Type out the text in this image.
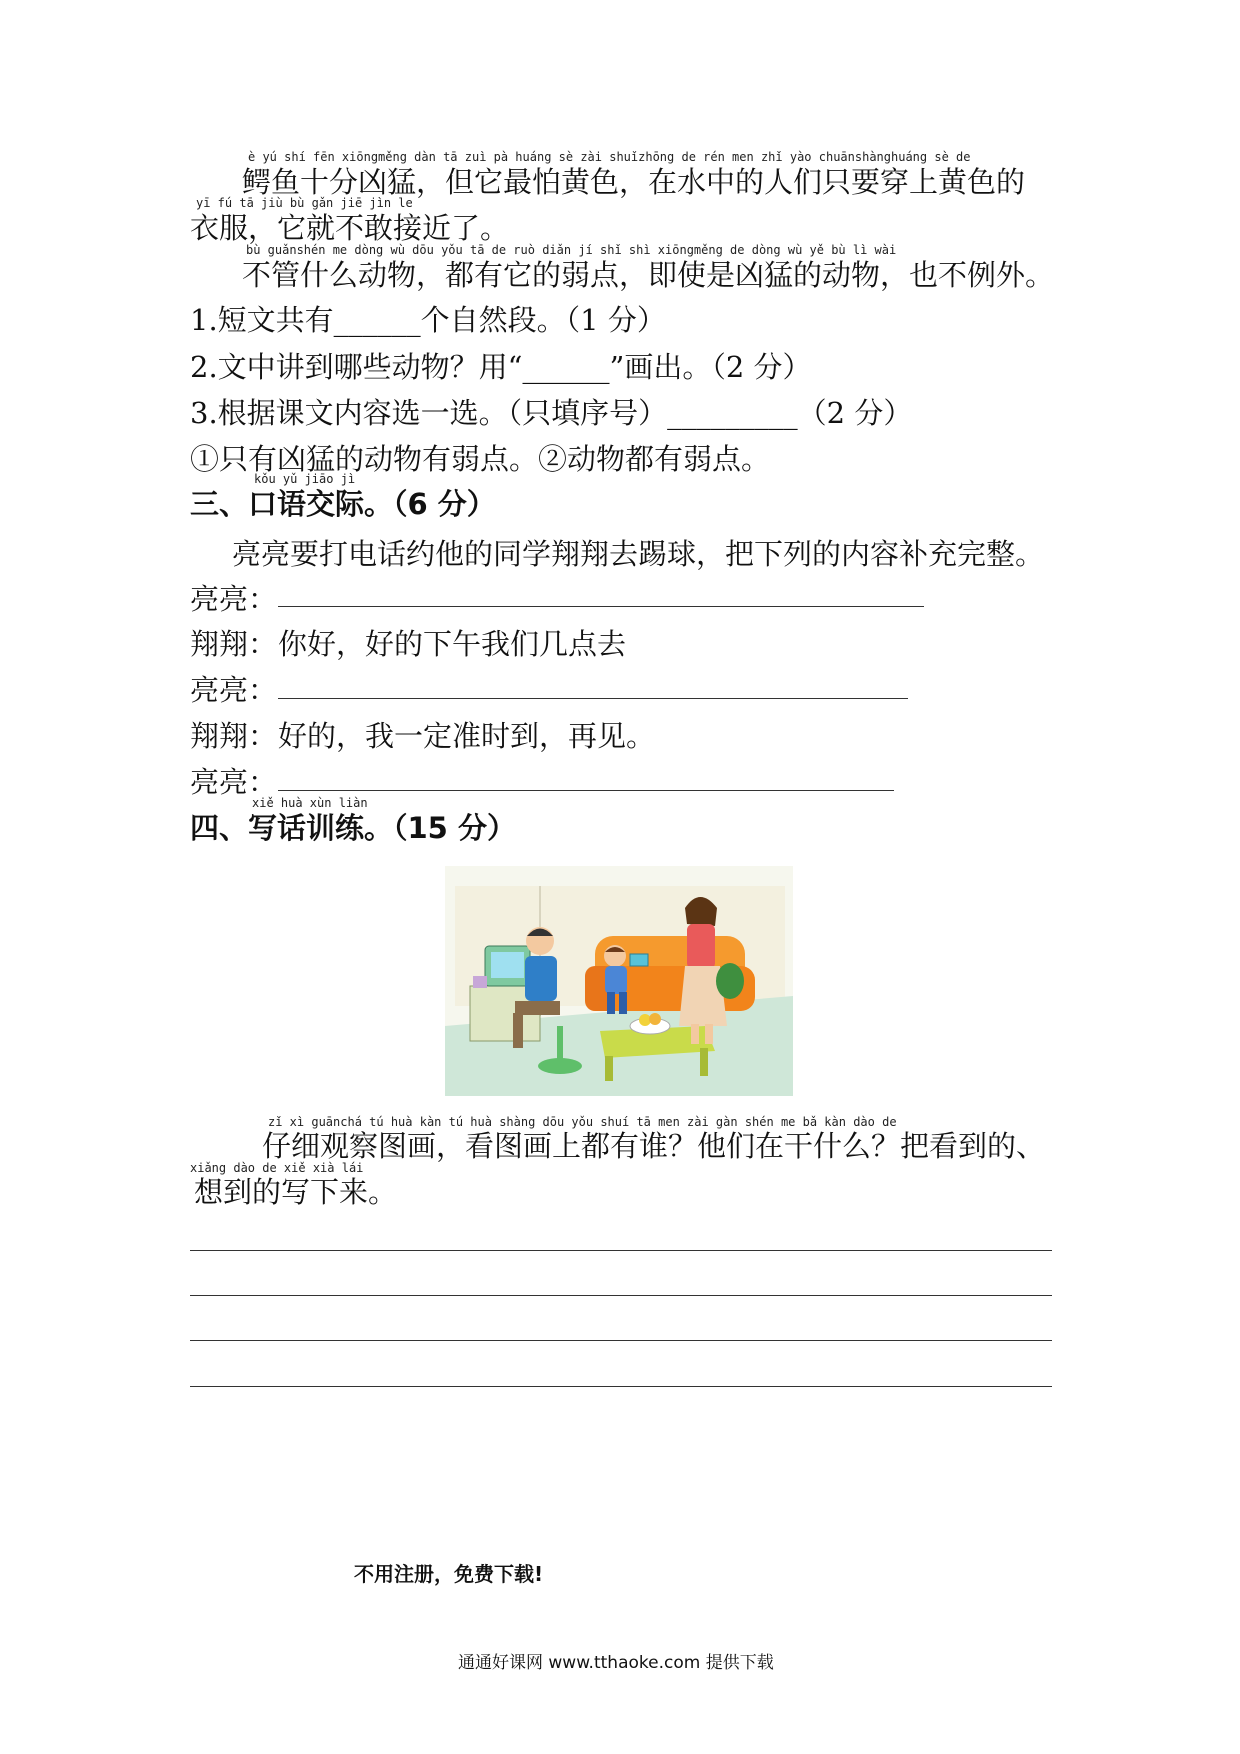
è yú shí fēn xiōngměng dàn tā zuì pà huáng sè zài shuǐzhōng de rén men zhǐ yào chuānshànghuáng sè de
鳄鱼十分凶猛，但它最怕黄色，在水中的人们只要穿上黄色的
yī fú tā jiù bù gǎn jiē jìn le
衣服，它就不敢接近了。
bù guǎnshén me dòng wù dōu yǒu tā de ruò diǎn jí shǐ shì xiōngměng de dòng wù yě bù lì wài
不管什么动物，都有它的弱点，即使是凶猛的动物，也不例外。
1.短文共有______个自然段。（1 分）
2.文中讲到哪些动物？用“______”画出。（2 分）
3.根据课文内容选一选。（只填序号）_________（2 分）
①只有凶猛的动物有弱点。②动物都有弱点。
kǒu yǔ jiāo jì
三、口语交际。（6 分）
亮亮要打电话约他的同学翔翔去踢球，把下列的内容补充完整。
亮亮：
翔翔： 你好，好的下午我们几点去
亮亮：
翔翔： 好的，我一定准时到，再见。
亮亮：
xiě huà xùn liàn
四、写话训练。（15 分）
zǐ xì guānchá tú huà kàn tú huà shàng dōu yǒu shuí tā men zài gàn shén me bǎ kàn dào de
仔细观察图画，看图画上都有谁？他们在干什么？把看到的、
xiǎng dào de xiě xià lái
想到的写下来。
不用注册，免费下载!
通通好课网 www.tthaoke.com 提供下载
